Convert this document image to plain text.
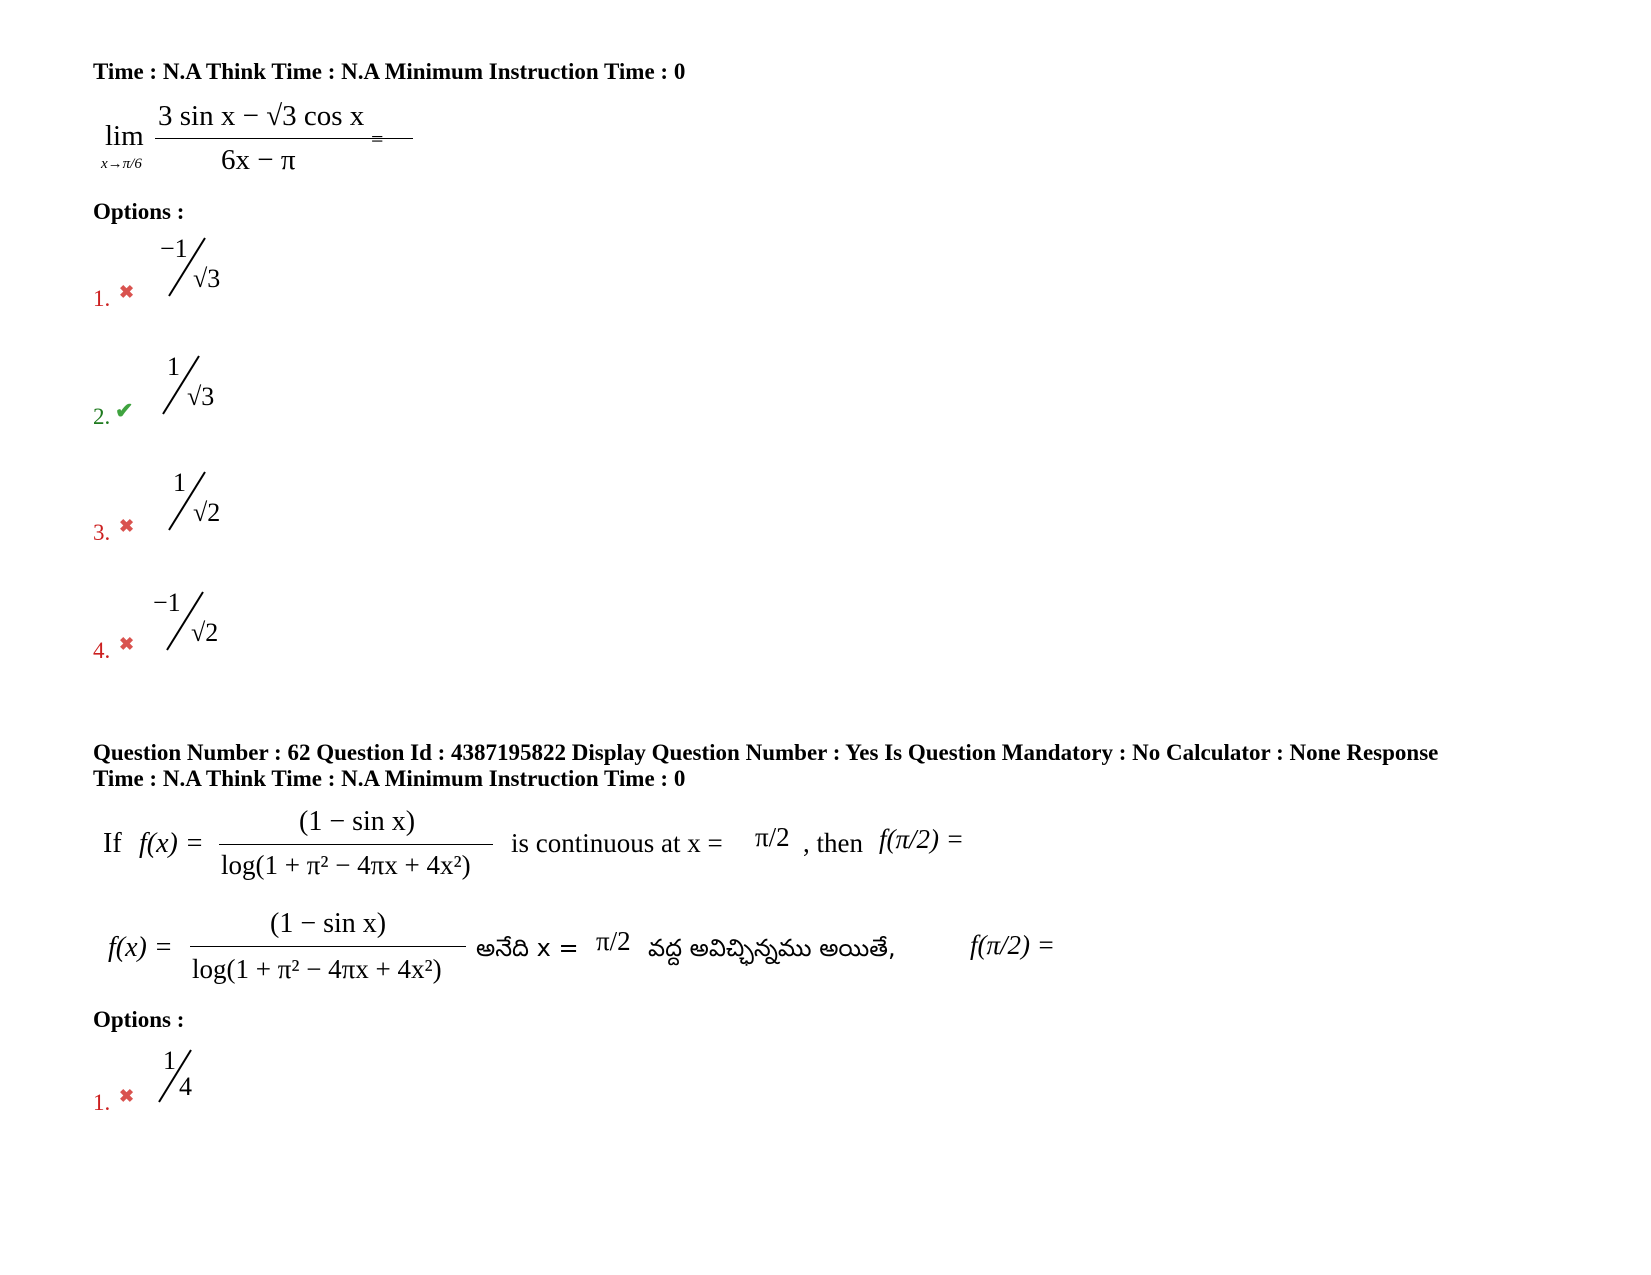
Time : N.A Think Time : N.A Minimum Instruction Time : 0
lim
x→π/6
3 sin x − √3 cos x
6x − π
=
Options :
1. ✖
−1
√3
2. ✔
1
√3
3. ✖
1
√2
4. ✖
−1
√2
Question Number : 62 Question Id : 4387195822 Display Question Number : Yes Is Question Mandatory : No Calculator : None Response
Time : N.A Think Time : N.A Minimum Instruction Time : 0
If f(x) =
(1 − sin x)
log(1 + π² − 4πx + 4x²)
is continuous at x = π/2 , then f(π/2) =
f(x) =
(1 − sin x)
log(1 + π² − 4πx + 4x²)
అనేది x = π/2 వద్ద అవిచ్ఛిన్నము అయితే,	f(π/2) =
Options :
1. ✖
1
4
